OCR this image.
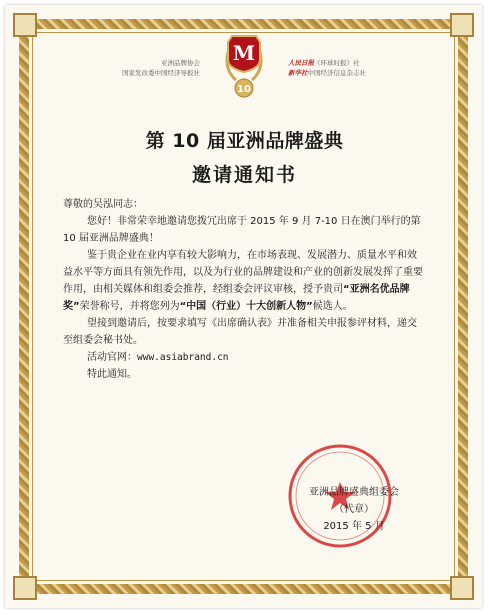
亚洲品牌协会
国家发改委中国经济导报社
M
10
人民日报《环球时报》社
新华社中国经济信息杂志社
第 10 届亚洲品牌盛典
邀请通知书

尊敬的吴泓同志：

您好！非常荣幸地邀请您拨冗出席于 2015 年 9 月 7-10 日在澳门举行的第 10 届亚洲品牌盛典！

鉴于贵企业在业内享有较大影响力，在市场表现、发展潜力、质量水平和效益水平等方面具有领先作用，以及为行业的品牌建设和产业的创新发展发挥了重要作用，由相关媒体和组委会推荐，经组委会评议审核，授予贵司“亚洲名优品牌奖”荣誉称号，并将您列为“中国（行业）十大创新人物”候选人。

望接到邀请后，按要求填写《出席确认表》并准备相关申报参评材料，递交至组委会秘书处。

活动官网：www.asiabrand.cn

特此通知。

亚洲品牌盛典组委会
（代章）
2015 年 5 月
